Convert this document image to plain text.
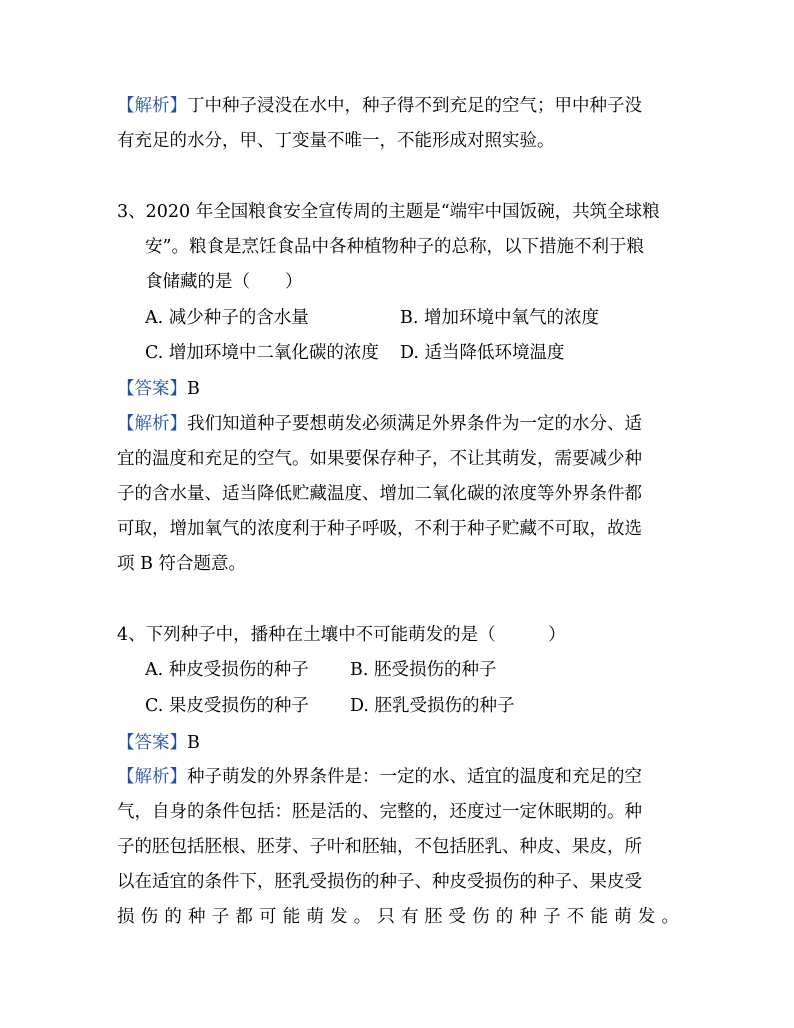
【解析】丁中种子浸没在水中，种子得不到充足的空气；甲中种子没
有充足的水分，甲、丁变量不唯一，不能形成对照实验。
3、2020 年全国粮食安全宣传周的主题是“端牢中国饭碗，共筑全球粮
安”。粮食是烹饪食品中各种植物种子的总称，以下措施不利于粮
食储藏的是（　　）
A. 减少种子的含水量	B. 增加环境中氧气的浓度
C. 增加环境中二氧化碳的浓度 D. 适当降低环境温度
【答案】B
【解析】我们知道种子要想萌发必须满足外界条件为一定的水分、适
宜的温度和充足的空气。如果要保存种子，不让其萌发，需要减少种
子的含水量、适当降低贮藏温度、增加二氧化碳的浓度等外界条件都
可取，增加氧气的浓度利于种子呼吸，不利于种子贮藏不可取，故选
项 B 符合题意。
4、下列种子中，播种在土壤中不可能萌发的是（　　　）
A. 种皮受损伤的种子 B. 胚受损伤的种子
C. 果皮受损伤的种子 D. 胚乳受损伤的种子
【答案】B
【解析】种子萌发的外界条件是：一定的水、适宜的温度和充足的空
气，自身的条件包括：胚是活的、完整的，还度过一定休眠期的。种
子的胚包括胚根、胚芽、子叶和胚轴，不包括胚乳、种皮、果皮，所
以在适宜的条件下，胚乳受损伤的种子、种皮受损伤的种子、果皮受
损 伤 的 种 子 都 可 能 萌 发 。 只 有 胚 受 伤 的 种 子 不 能 萌 发 。
